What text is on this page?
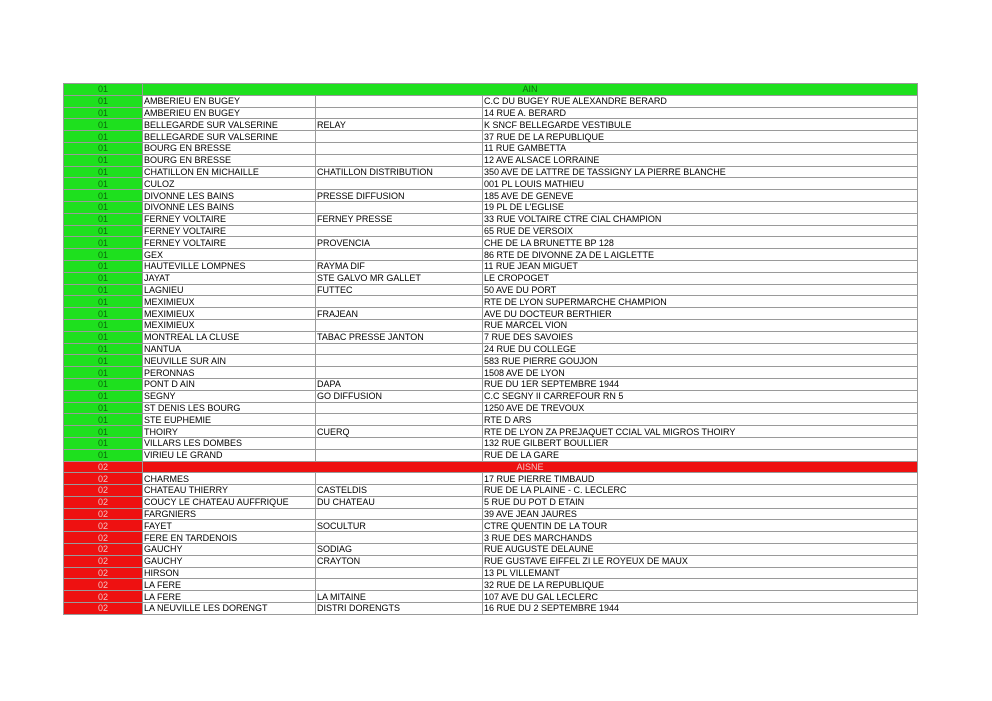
01	AIN		
01	AMBERIEU EN BUGEY		C.C DU BUGEY RUE ALEXANDRE BERARD
01	AMBERIEU EN BUGEY		14 RUE A. BERARD
01	BELLEGARDE SUR VALSERINE	RELAY	K SNCF BELLEGARDE VESTIBULE
01	BELLEGARDE SUR VALSERINE		37 RUE DE LA REPUBLIQUE
01	BOURG EN BRESSE		11 RUE GAMBETTA
01	BOURG EN BRESSE		12 AVE ALSACE LORRAINE
01	CHATILLON EN MICHAILLE	CHATILLON DISTRIBUTION	350 AVE DE LATTRE DE TASSIGNY LA PIERRE BLANCHE
01	CULOZ		001 PL LOUIS MATHIEU
01	DIVONNE LES BAINS	PRESSE DIFFUSION	185 AVE DE GENEVE
01	DIVONNE LES BAINS		19 PL DE L'EGLISE
01	FERNEY VOLTAIRE	FERNEY PRESSE	33 RUE VOLTAIRE CTRE CIAL CHAMPION
01	FERNEY VOLTAIRE		65 RUE DE VERSOIX
01	FERNEY VOLTAIRE	PROVENCIA	CHE DE LA BRUNETTE BP 128
01	GEX		86 RTE DE DIVONNE ZA DE L AIGLETTE
01	HAUTEVILLE LOMPNES	RAYMA DIF	11 RUE JEAN MIGUET
01	JAYAT	STE GALVO MR GALLET	LE CROPOGET
01	LAGNIEU	FUTTEC	50 AVE DU PORT
01	MEXIMIEUX		RTE DE LYON SUPERMARCHE CHAMPION
01	MEXIMIEUX	FRAJEAN	AVE DU DOCTEUR BERTHIER
01	MEXIMIEUX		RUE MARCEL VION
01	MONTREAL LA CLUSE	TABAC PRESSE JANTON	7 RUE DES SAVOIES
01	NANTUA		24 RUE DU COLLEGE
01	NEUVILLE SUR AIN		583 RUE PIERRE GOUJON
01	PERONNAS		1508 AVE DE LYON
01	PONT D AIN	DAPA	RUE DU 1ER SEPTEMBRE 1944
01	SEGNY	GO DIFFUSION	C.C SEGNY II CARREFOUR RN 5
01	ST DENIS LES BOURG		1250 AVE DE TREVOUX
01	STE EUPHEMIE		RTE D ARS
01	THOIRY	CUERQ	RTE DE LYON ZA PREJAQUET CCIAL VAL MIGROS THOIRY
01	VILLARS LES DOMBES		132 RUE GILBERT BOULLIER
01	VIRIEU LE GRAND		RUE DE LA GARE
02	AISNE		
02	CHARMES		17 RUE PIERRE TIMBAUD
02	CHATEAU THIERRY	CASTELDIS	RUE DE LA PLAINE - C. LECLERC
02	COUCY LE CHATEAU AUFFRIQUE	DU CHATEAU	5 RUE DU POT D ETAIN
02	FARGNIERS		39 AVE JEAN JAURES
02	FAYET	SOCULTUR	CTRE QUENTIN DE LA TOUR
02	FERE EN TARDENOIS		3 RUE DES MARCHANDS
02	GAUCHY	SODIAG	RUE AUGUSTE DELAUNE
02	GAUCHY	CRAYTON	RUE GUSTAVE EIFFEL ZI LE ROYEUX DE MAUX
02	HIRSON		13 PL VILLEMANT
02	LA FERE		32 RUE DE LA REPUBLIQUE
02	LA FERE	LA MITAINE	107 AVE DU GAL LECLERC
02	LA NEUVILLE LES DORENGT	DISTRI DORENGTS	16 RUE DU 2 SEPTEMBRE 1944
